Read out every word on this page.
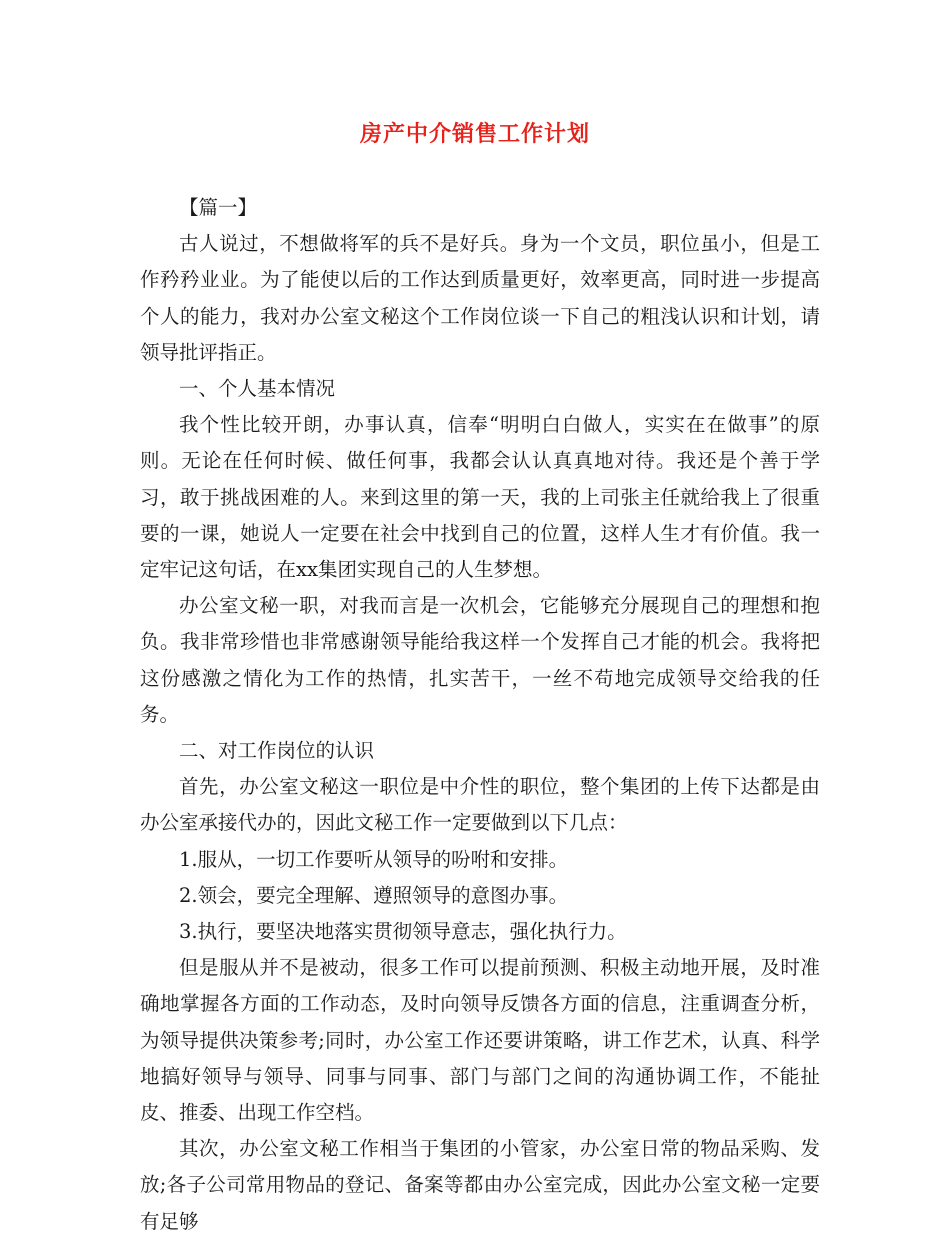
房产中介销售工作计划

【篇一】

古人说过，不想做将军的兵不是好兵。身为一个文员，职位虽小，但是工作矜矜业业。为了能使以后的工作达到质量更好，效率更高，同时进一步提高个人的能力，我对办公室文秘这个工作岗位谈一下自己的粗浅认识和计划，请领导批评指正。

一、个人基本情况

我个性比较开朗，办事认真，信奉“明明白白做人，实实在在做事”的原则。无论在任何时候、做任何事，我都会认认真真地对待。我还是个善于学习，敢于挑战困难的人。来到这里的第一天，我的上司张主任就给我上了很重要的一课，她说人一定要在社会中找到自己的位置，这样人生才有价值。我一定牢记这句话，在xx集团实现自己的人生梦想。

办公室文秘一职，对我而言是一次机会，它能够充分展现自己的理想和抱负。我非常珍惜也非常感谢领导能给我这样一个发挥自己才能的机会。我将把这份感激之情化为工作的热情，扎实苦干，一丝不苟地完成领导交给我的任务。

二、对工作岗位的认识

首先，办公室文秘这一职位是中介性的职位，整个集团的上传下达都是由办公室承接代办的，因此文秘工作一定要做到以下几点：

1.服从，一切工作要听从领导的吩咐和安排。

2.领会，要完全理解、遵照领导的意图办事。

3.执行，要坚决地落实贯彻领导意志，强化执行力。

但是服从并不是被动，很多工作可以提前预测、积极主动地开展，及时准确地掌握各方面的工作动态，及时向领导反馈各方面的信息，注重调查分析，为领导提供决策参考;同时，办公室工作还要讲策略，讲工作艺术，认真、科学地搞好领导与领导、同事与同事、部门与部门之间的沟通协调工作，不能扯皮、推委、出现工作空档。

其次，办公室文秘工作相当于集团的小管家，办公室日常的物品采购、发放;各子公司常用物品的登记、备案等都由办公室完成，因此办公室文秘一定要有足够
